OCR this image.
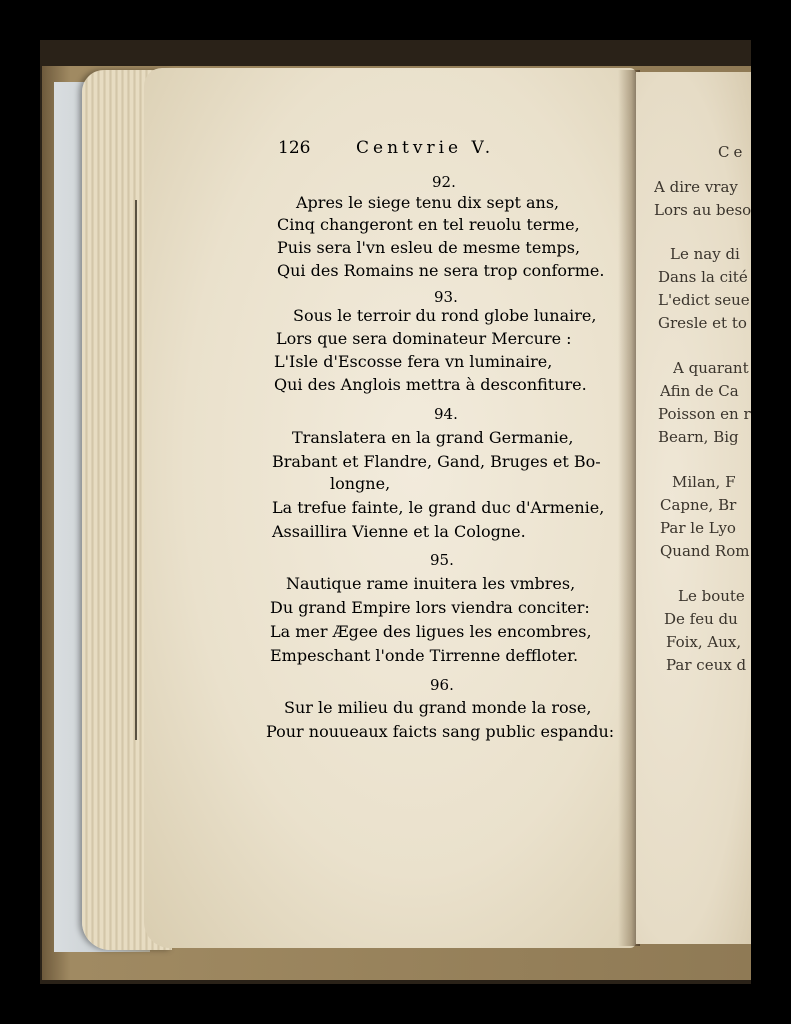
126	Centvrie V.
92.
Apres le siege tenu dix sept ans,
Cinq changeront en tel reuolu terme,
Puis sera l'vn esleu de mesme temps,
Qui des Romains ne sera trop conforme.
93.
Sous le terroir du rond globe lunaire,
Lors que sera dominateur Mercure :
L'Isle d'Escosse fera vn luminaire,
Qui des Anglois mettra à desconfiture.
94.
Translatera en la grand Germanie,
Brabant et Flandre, Gand, Bruges et Bo-
longne,
La trefue fainte, le grand duc d'Armenie,
Assaillira Vienne et la Cologne.
95.
Nautique rame inuitera les vmbres,
Du grand Empire lors viendra conciter:
La mer Ægee des ligues les encombres,
Empeschant l'onde Tirrenne deffloter.
96.
Sur le milieu du grand monde la rose,
Pour nouueaux faicts sang public espandu:
Ce
A dire vray
Lors au beso
Le nay di
Dans la cité
L'edict seue
Gresle et to
A quarant
Afin de Ca
Poisson en r
Bearn, Big
Milan, F
Capne, Br
Par le Lyo
Quand Rom
Le boute
De feu du
Foix, Aux,
Par ceux d
